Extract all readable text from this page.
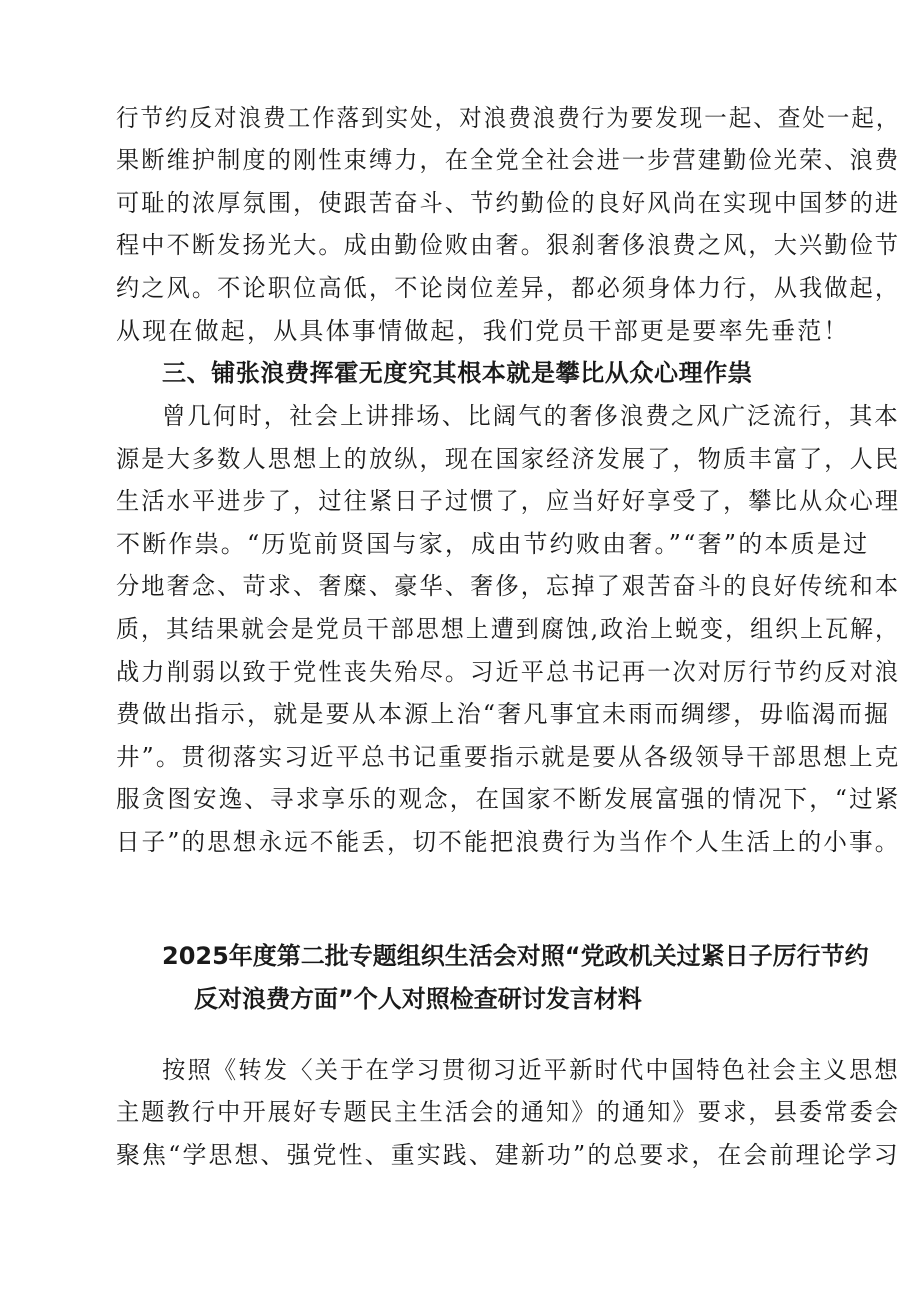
行节约反对浪费工作落到实处，对浪费浪费行为要发现一起、查处一起，
果断维护制度的刚性束缚力，在全党全社会进一步营建勤俭光荣、浪费
可耻的浓厚氛围，使跟苦奋斗、节约勤俭的良好风尚在实现中国梦的进
程中不断发扬光大。成由勤俭败由奢。狠刹奢侈浪费之风，大兴勤俭节
约之风。不论职位高低，不论岗位差异，都必须身体力行，从我做起，
从现在做起，从具体事情做起，我们党员干部更是要率先垂范！
三、铺张浪费挥霍无度究其根本就是攀比从众心理作祟
曾几何时，社会上讲排场、比阔气的奢侈浪费之风广泛流行，其本
源是大多数人思想上的放纵，现在国家经济发展了，物质丰富了，人民
生活水平进步了，过往紧日子过惯了，应当好好享受了，攀比从众心理
不断作祟。“历览前贤国与家，成由节约败由奢。”“奢”的本质是过
分地奢念、苛求、奢糜、豪华、奢侈，忘掉了艰苦奋斗的良好传统和本
质，其结果就会是党员干部思想上遭到腐蚀,政治上蜕变，组织上瓦解，
战力削弱以致于党性丧失殆尽。习近平总书记再一次对厉行节约反对浪
费做出指示，就是要从本源上治“奢凡事宜未雨而绸缪，毋临渴而掘
井”。贯彻落实习近平总书记重要指示就是要从各级领导干部思想上克
服贪图安逸、寻求享乐的观念，在国家不断发展富强的情况下，“过紧
日子”的思想永远不能丢，切不能把浪费行为当作个人生活上的小事。
2025年度第二批专题组织生活会对照“党政机关过紧日子厉行节约
反对浪费方面”个人对照检查研讨发言材料
按照《转发〈关于在学习贯彻习近平新时代中国特色社会主义思想
主题教行中开展好专题民主生活会的通知》的通知》要求，县委常委会
聚焦“学思想、强党性、重实践、建新功”的总要求，在会前理论学习
